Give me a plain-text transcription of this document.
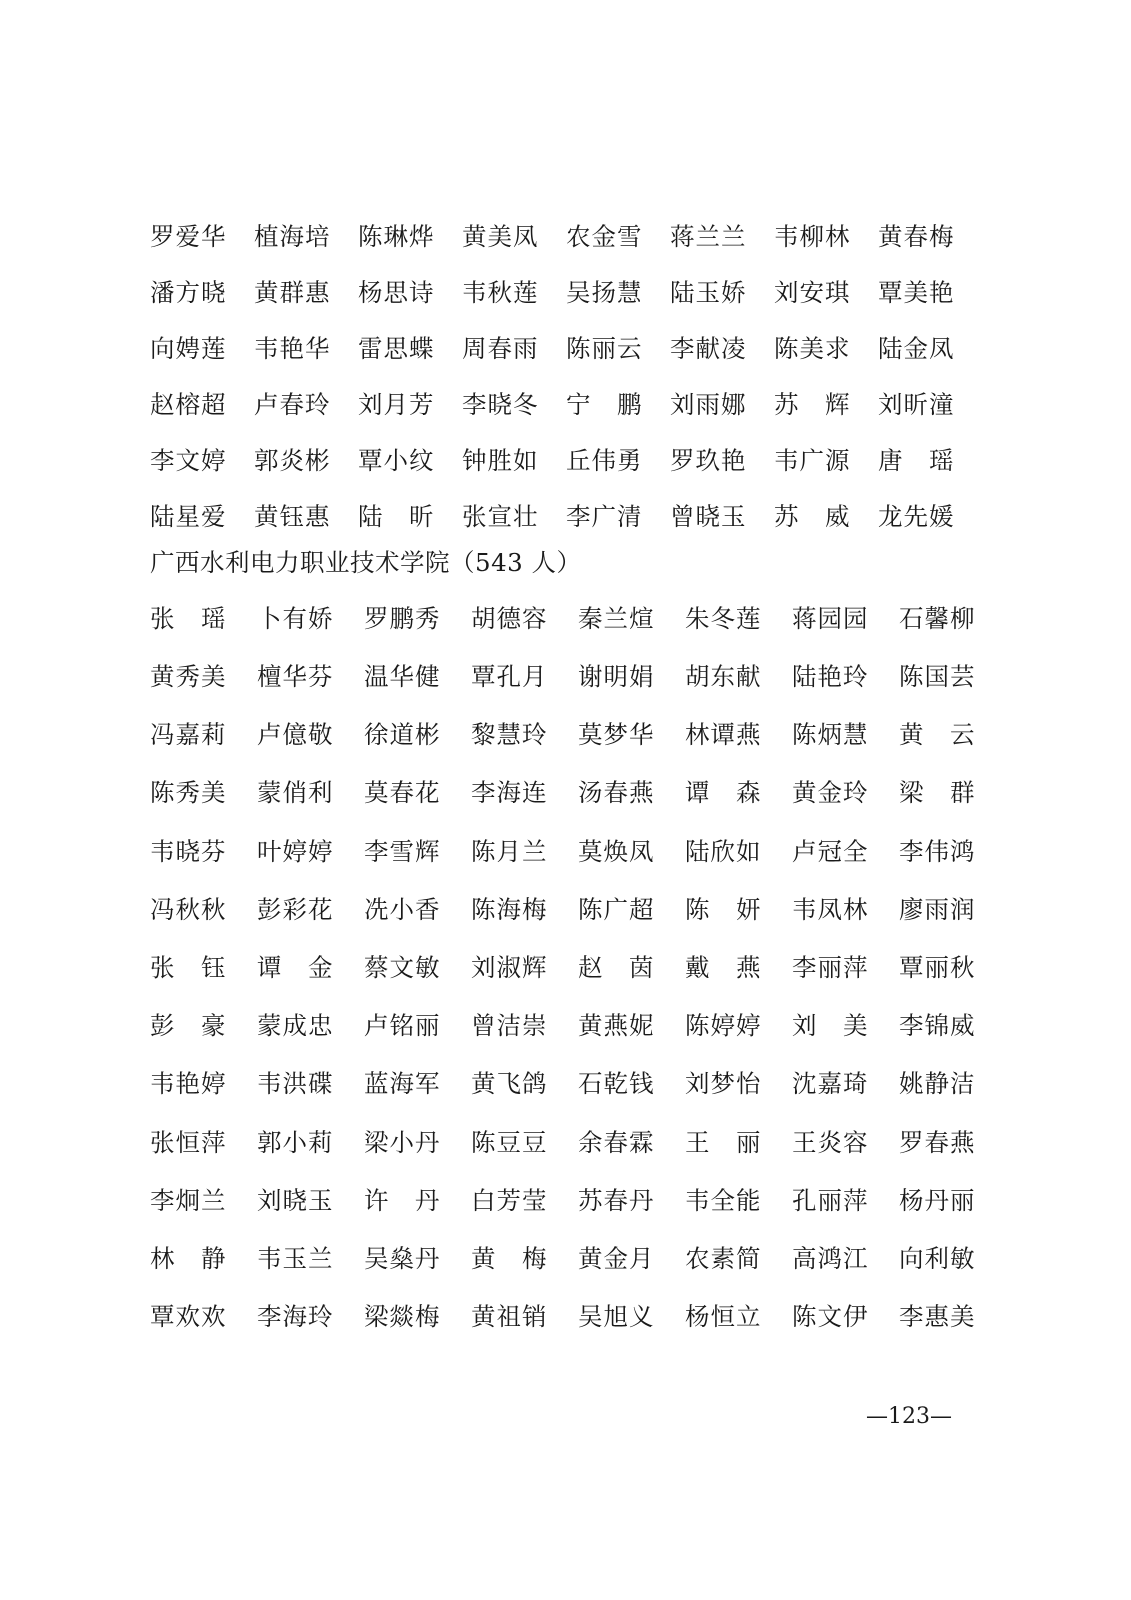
罗爱华	植海培	陈琳烨	黄美凤	农金雪	蒋兰兰	韦柳林	黄春梅
潘方晓	黄群惠	杨思诗	韦秋莲	吴扬慧	陆玉娇	刘安琪	覃美艳
向娉莲	韦艳华	雷思蝶	周春雨	陈丽云	李献凌	陈美求	陆金凤
赵榕超	卢春玲	刘月芳	李晓冬	宁　鹏	刘雨娜	苏　辉	刘昕潼
李文婷	郭炎彬	覃小纹	钟胜如	丘伟勇	罗玖艳	韦广源	唐　瑶
陆星爱	黄钰惠	陆　昕	张宣壮	李广清	曾晓玉	苏　威	龙先媛
广西水利电力职业技术学院（543 人）
张　瑶	卜有娇	罗鹏秀	胡德容	秦兰煊	朱冬莲	蒋园园	石馨柳
黄秀美	檀华芬	温华健	覃孔月	谢明娟	胡东献	陆艳玲	陈国芸
冯嘉莉	卢億敬	徐道彬	黎慧玲	莫梦华	林谭燕	陈炳慧	黄　云
陈秀美	蒙俏利	莫春花	李海连	汤春燕	谭　森	黄金玲	梁　群
韦晓芬	叶婷婷	李雪辉	陈月兰	莫焕凤	陆欣如	卢冠全	李伟鸿
冯秋秋	彭彩花	冼小香	陈海梅	陈广超	陈　妍	韦凤林	廖雨润
张　钰	谭　金	蔡文敏	刘淑辉	赵　茵	戴　燕	李丽萍	覃丽秋
彭　豪	蒙成忠	卢铭丽	曾洁崇	黄燕妮	陈婷婷	刘　美	李锦威
韦艳婷	韦洪碟	蓝海军	黄飞鸽	石乾钱	刘梦怡	沈嘉琦	姚静洁
张恒萍	郭小莉	梁小丹	陈豆豆	余春霖	王　丽	王炎容	罗春燕
李炯兰	刘晓玉	许　丹	白芳莹	苏春丹	韦全能	孔丽萍	杨丹丽
林　静	韦玉兰	吴燊丹	黄　梅	黄金月	农素简	高鸿江	向利敏
覃欢欢	李海玲	梁燚梅	黄祖销	吴旭义	杨恒立	陈文伊	李惠美
—123—
